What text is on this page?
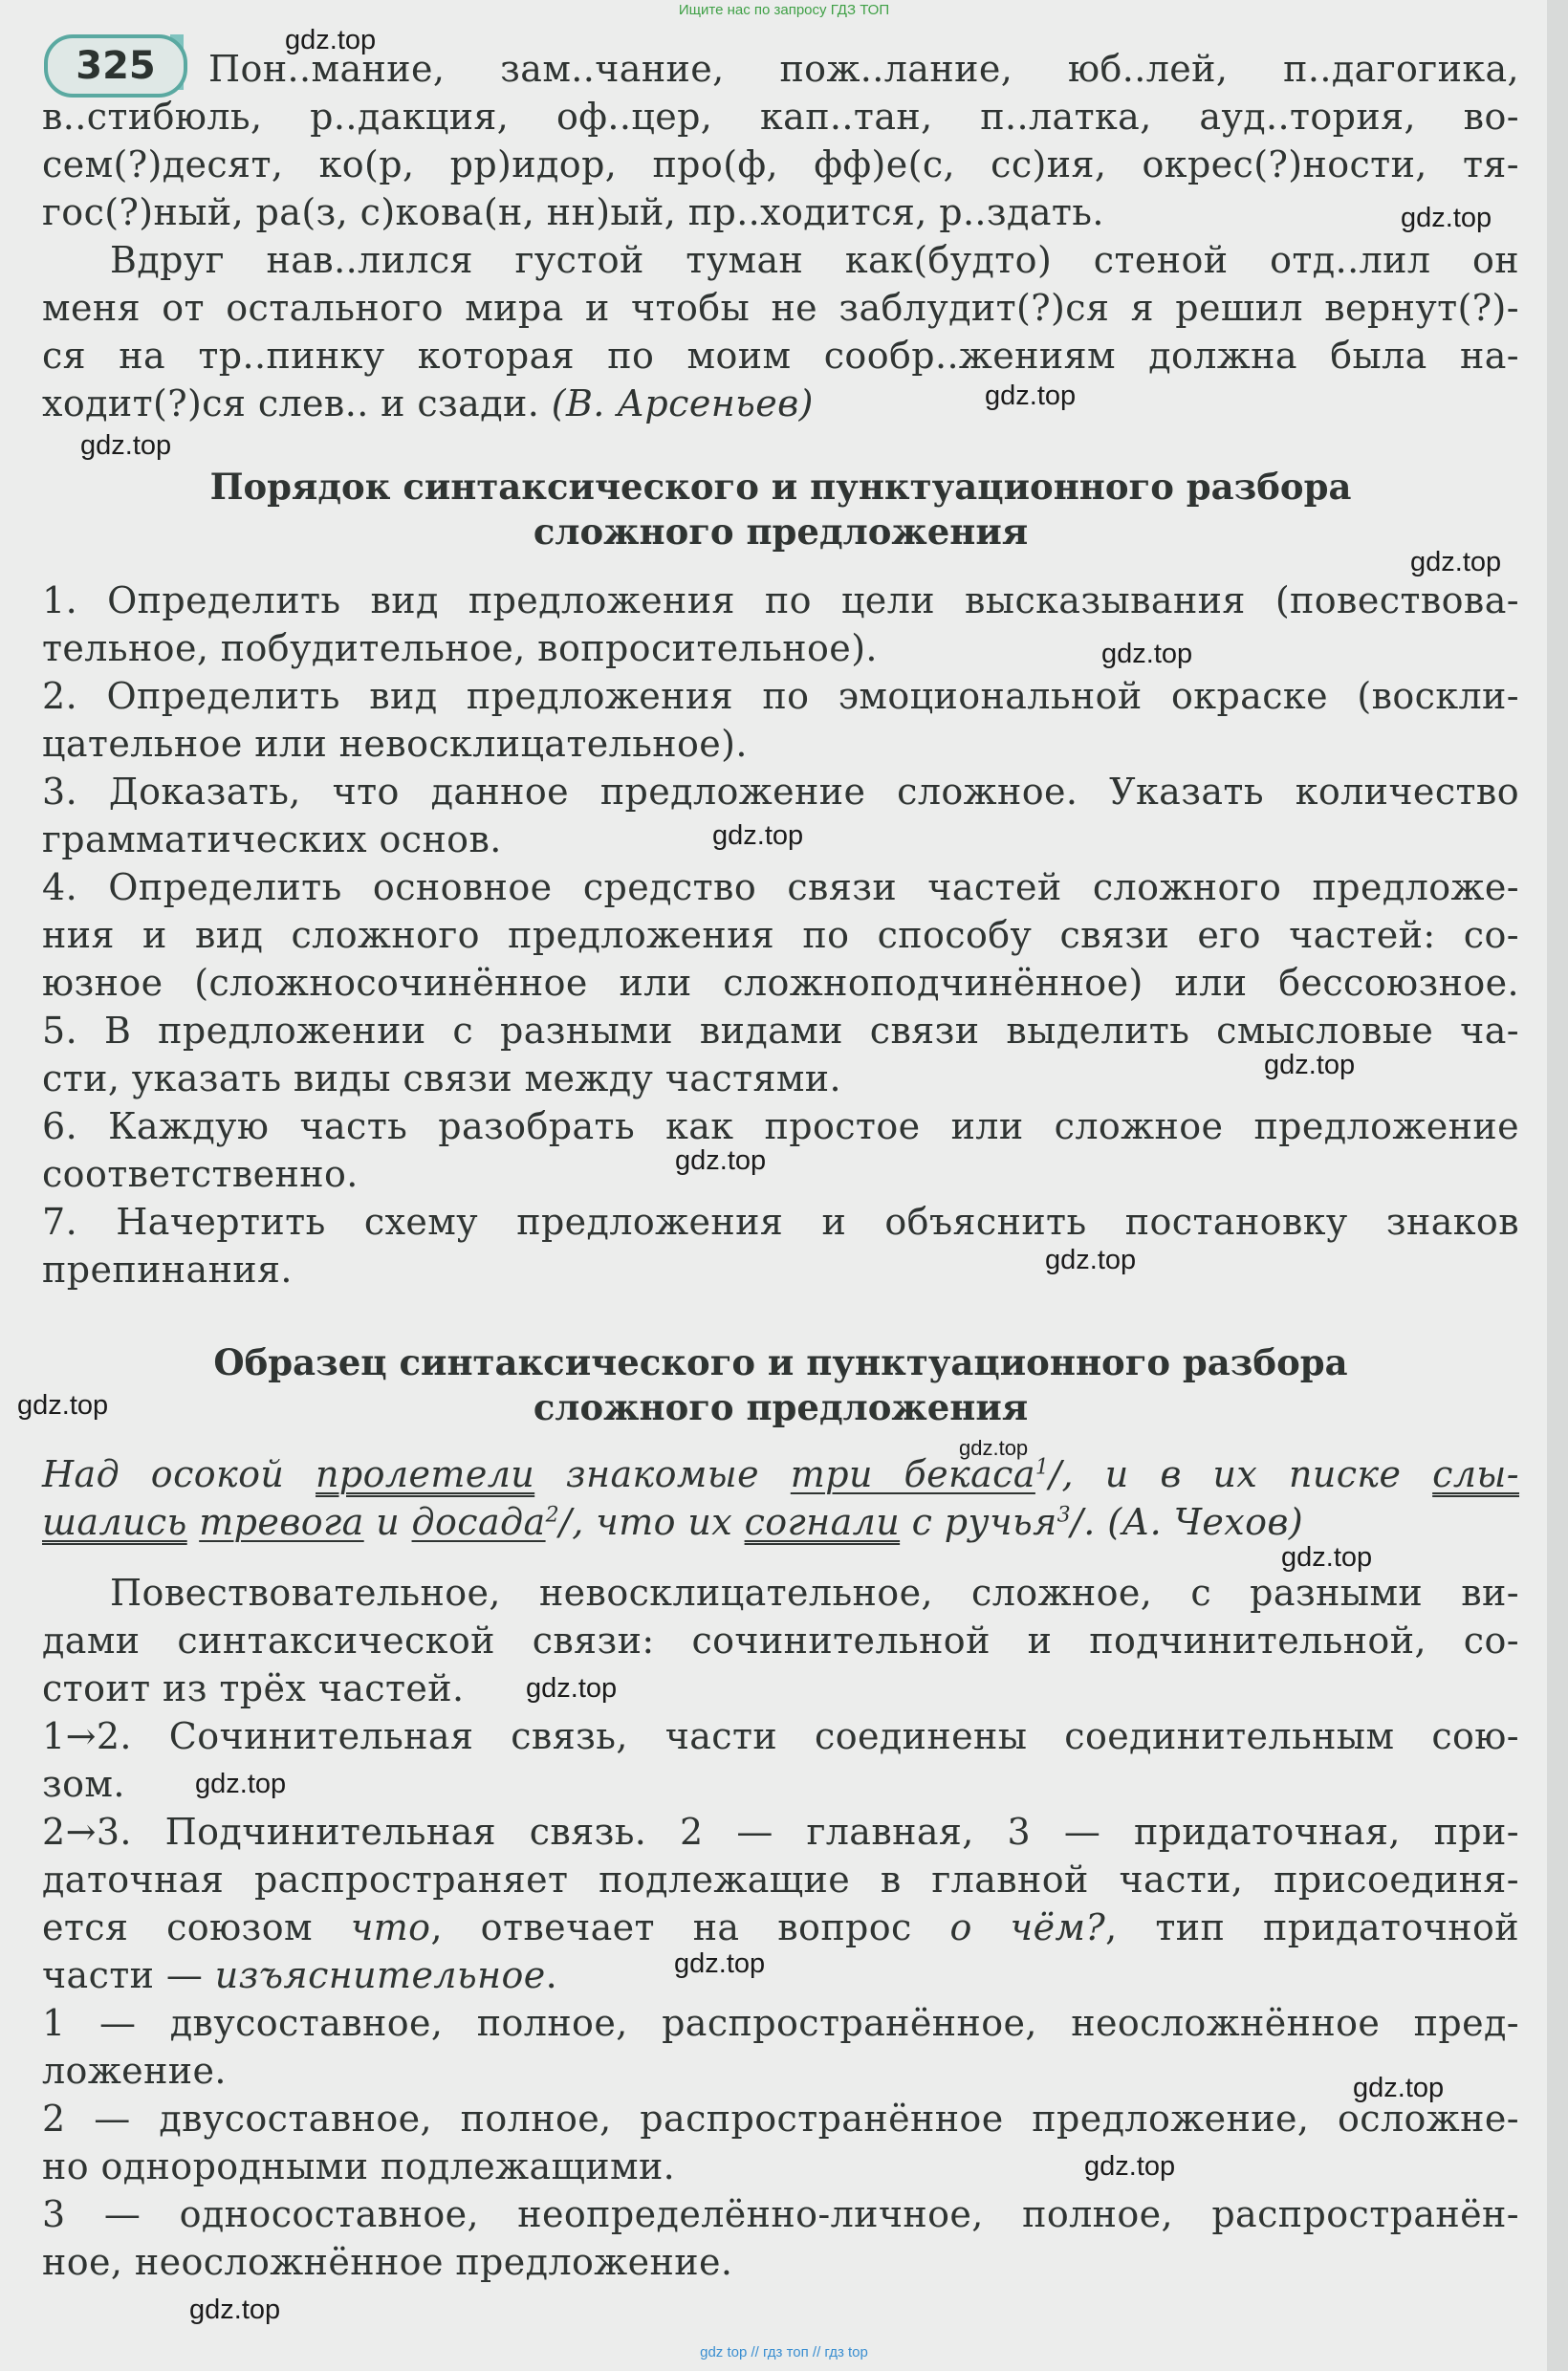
Ищите нас по запросу ГДЗ ТОП
325	Пон..мание, зам..чание, пож..лание, юб..лей, п..дагогика,
в..стибюль, р..дакция, оф..цер, кап..тан, п..латка, ауд..тория, во-
сем(?)десят, ко(р, рр)идор, про(ф, фф)е(с, сс)ия, окрес(?)ности, тя-
гос(?)ный, ра(з, с)кова(н, нн)ый, пр..ходится, р..здать.
Вдруг нав..лился густой туман как(будто) стеной отд..лил он
меня от остального мира и чтобы не заблудит(?)ся я решил вернут(?)-
ся на тр..пинку которая по моим сообр..жениям должна была на-
ходит(?)ся слев.. и сзади. (В. Арсеньев)
Порядок синтаксического и пунктуационного разбора
сложного предложения
1. Определить вид предложения по цели высказывания (повествова-
тельное, побудительное, вопросительное).
2. Определить вид предложения по эмоциональной окраске (воскли-
цательное или невосклицательное).
3. Доказать, что данное предложение сложное. Указать количество
грамматических основ.
4. Определить основное средство связи частей сложного предложе-
ния и вид сложного предложения по способу связи его частей: со-
юзное (сложносочинённое или сложноподчинённое) или бессоюзное.
5. В предложении с разными видами связи выделить смысловые ча-
сти, указать виды связи между частями.
6. Каждую часть разобрать как простое или сложное предложение
соответственно.
7. Начертить схему предложения и объяснить постановку знаков
препинания.
Образец синтаксического и пунктуационного разбора
сложного предложения
Над осокой пролетели знакомые три бекаса$^1$/, и в их писке слы-
шались тревога и досада$^2$/, что их согнали с ручья$^3$/. (А. Чехов)
Повествовательное, невосклицательное, сложное, с разными ви-
дами синтаксической связи: сочинительной и подчинительной, со-
стоит из трёх частей.
1→2. Сочинительная связь, части соединены соединительным сою-
зом.
2→3. Подчинительная связь. 2 — главная, 3 — придаточная, при-
даточная распространяет подлежащие в главной части, присоединя-
ется союзом что, отвечает на вопрос о чём?, тип придаточной
части — изъяснительное.
1 — двусоставное, полное, распространённое, неосложнённое пред-
ложение.
2 — двусоставное, полное, распространённое предложение, осложне-
но однородными подлежащими.
3 — односоставное, неопределённо-личное, полное, распространён-
ное, неосложнённое предложение.
gdz.top
gdz.top
gdz.top
gdz.top
gdz.top
gdz.top
gdz.top
gdz.top
gdz.top
gdz.top
gdz.top
gdz.top
gdz.top
gdz.top
gdz.top
gdz.top
gdz.top
gdz.top
gdz.top
gdz top // гдз топ // гдз top
